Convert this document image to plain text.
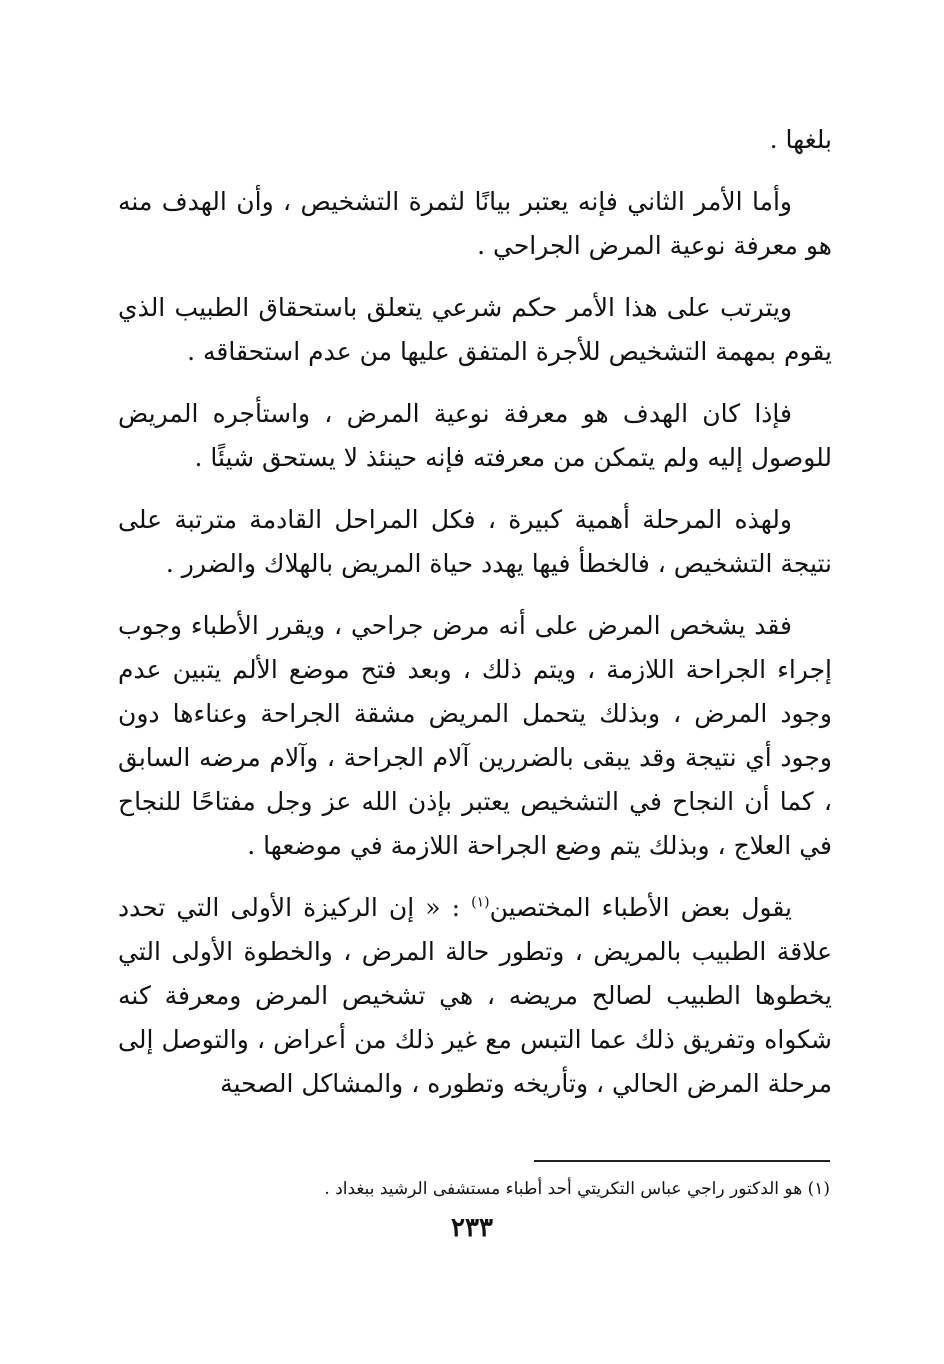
بلغها .

وأما الأمر الثاني فإنه يعتبر بيانًا لثمرة التشخيص ، وأن الهدف منه هو معرفة نوعية المرض الجراحي .

ويترتب على هذا الأمر حكم شرعي يتعلق باستحقاق الطبيب الذي يقوم بمهمة التشخيص للأجرة المتفق عليها من عدم استحقاقه .

فإذا كان الهدف هو معرفة نوعية المرض ، واستأجره المريض للوصول إليه ولم يتمكن من معرفته فإنه حينئذ لا يستحق شيئًا .

ولهذه المرحلة أهمية كبيرة ، فكل المراحل القادمة مترتبة على نتيجة التشخيص ، فالخطأ فيها يهدد حياة المريض بالهلاك والضرر .

فقد يشخص المرض على أنه مرض جراحي ، ويقرر الأطباء وجوب إجراء الجراحة اللازمة ، ويتم ذلك ، وبعد فتح موضع الألم يتبين عدم وجود المرض ، وبذلك يتحمل المريض مشقة الجراحة وعناءها دون وجود أي نتيجة وقد يبقى بالضررين آلام الجراحة ، وآلام مرضه السابق ، كما أن النجاح في التشخيص يعتبر بإذن الله عز وجل مفتاحًا للنجاح في العلاج ، وبذلك يتم وضع الجراحة اللازمة في موضعها .

يقول بعض الأطباء المختصين$^{(١)}$ : « إن الركيزة الأولى التي تحدد علاقة الطبيب بالمريض ، وتطور حالة المرض ، والخطوة الأولى التي يخطوها الطبيب لصالح مريضه ، هي تشخيص المرض ومعرفة كنه شكواه وتفريق ذلك عما التبس مع غير ذلك من أعراض ، والتوصل إلى مرحلة المرض الحالي ، وتأريخه وتطوره ، والمشاكل الصحية

(١) هو الدكتور راجي عباس التكريتي أحد أطباء مستشفى الرشيد ببغداد .
٢٣٣
